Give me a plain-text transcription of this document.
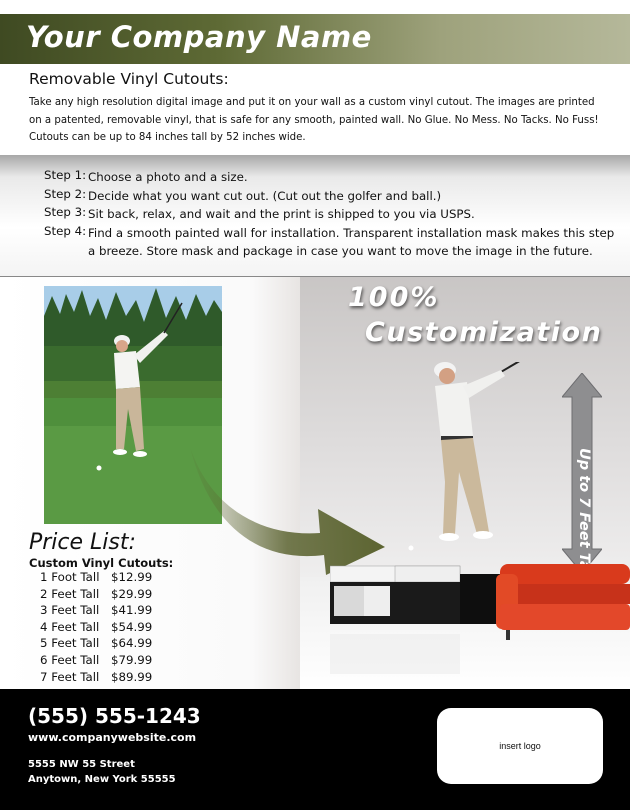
Your Company Name
Removable Vinyl Cutouts:
Take any high resolution digital image and put it on your wall as a custom vinyl cutout. The images are printed on a patented, removable vinyl, that is safe for any smooth, painted wall. No Glue. No Mess. No Tacks. No Fuss! Cutouts can be up to 84 inches tall by 52 inches wide.
Step 1: Choose a photo and a size.
Step 2: Decide what you want cut out. (Cut out the golfer and ball.)
Step 3: Sit back, relax, and wait and the print is shipped to you via USPS.
Step 4: Find a smooth painted wall for installation. Transparent installation mask makes this step a breeze. Store mask and package in case you want to move the image in the future.
100%
Customization
Price List:
Custom Vinyl Cutouts:
1 Foot Tall $12.99
2 Feet Tall $29.99
3 Feet Tall $41.99
4 Feet Tall $54.99
5 Feet Tall $64.99
6 Feet Tall $79.99
7 Feet Tall $89.99
(555) 555-1243
www.companywebsite.com
5555 NW 55 Street
Anytown, New York 55555
insert logo
